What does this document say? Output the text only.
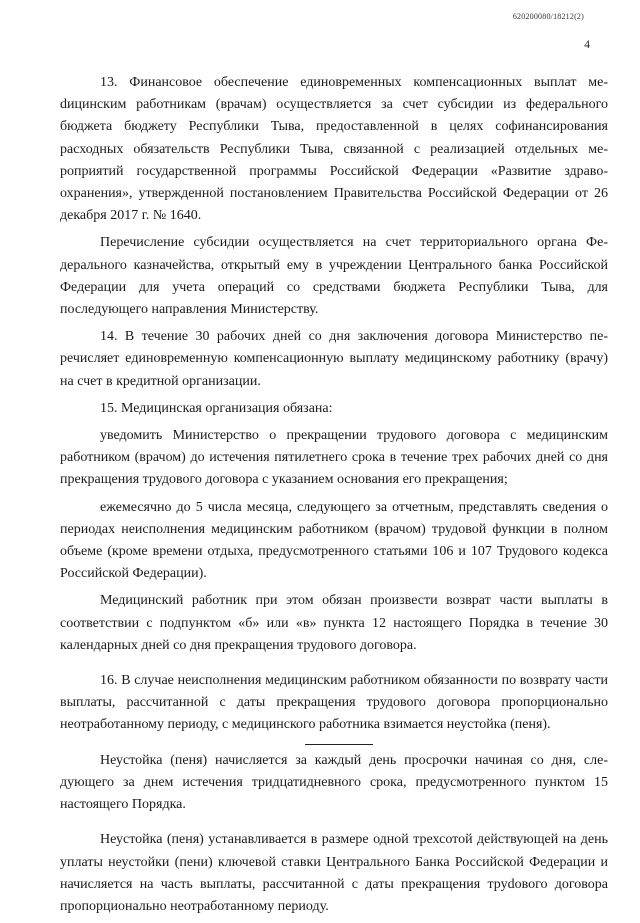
620200080/18212(2)
4

13. Финансовое обеспечение единовременных компенсационных выплат меdицинским работникам (врачам) осуществляется за счет субсидии из федерального бюджета бюджету Республики Тыва, предоставленной в целях софинансирования расходных обязательств Республики Тыва, связанной с реализацией отдельных мероприятий государственной программы Российской Федерации «Развитие здравоохранения», утвержденной постановлением Правительства Российской Федерации от 26 декабря 2017 г. № 1640.

Перечисление субсидии осуществляется на счет территориального органа Федерального казначейства, открытый ему в учреждении Центрального банка Российской Федерации для учета операций со средствами бюджета Республики Тыва, для последующего направления Министерству.

14. В течение 30 рабочих дней со дня заключения договора Министерство перечисляет единовременную компенсационную выплату медицинскому работнику (врачу) на счет в кредитной организации.

15. Медицинская организация обязана:

уведомить Министерство о прекращении трудового договора с медицинским работником (врачом) до истечения пятилетнего срока в течение трех рабочих дней со дня прекращения трудового договора с указанием основания его прекращения;

ежемесячно до 5 числа месяца, следующего за отчетным, представлять сведения о периодах неисполнения медицинским работником (врачом) трудовой функции в полном объеме (кроме времени отдыха, предусмотренного статьями 106 и 107 Трудового кодекса Российской Федерации).

Медицинский работник при этом обязан произвести возврат части выплаты в соответствии с подпунктом «б» или «в» пункта 12 настоящего Порядка в течение 30 календарных дней со дня прекращения трудового договора.

16. В случае неисполнения медицинским работником обязанности по возврату части выплаты, рассчитанной с даты прекращения трудового договора пропорционально неотработанному периоду, с медицинского работника взимается неустойка (пеня).

Неустойка (пеня) начисляется за каждый день просрочки начиная со дня, следующего за днем истечения тридцатидневного срока, предусмотренного пунктом 15 настоящего Порядка.

Неустойка (пеня) устанавливается в размере одной трехсотой действующей на день уплаты неустойки (пени) ключевой ставки Центрального Банка Российской Федерации и начисляется на часть выплаты, рассчитанной с даты прекращения труdового договора пропорционально неотработанному периоду.
